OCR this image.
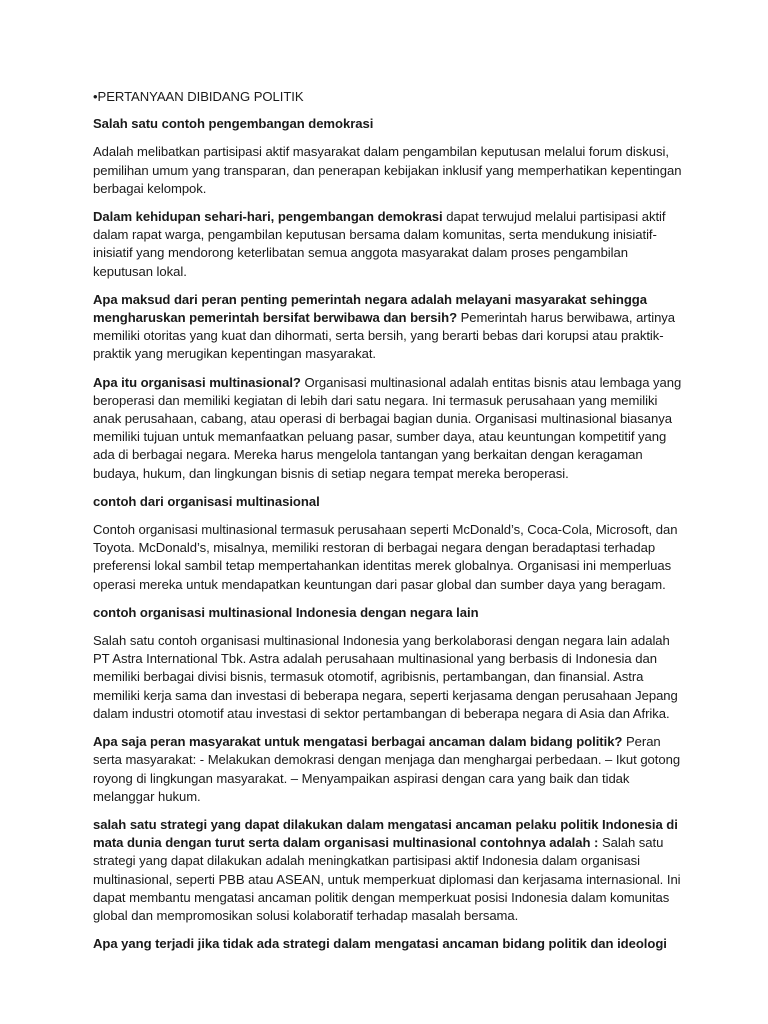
•PERTANYAAN DIBIDANG POLITIK

Salah satu contoh pengembangan demokrasi

Adalah melibatkan partisipasi aktif masyarakat dalam pengambilan keputusan melalui forum diskusi, pemilihan umum yang transparan, dan penerapan kebijakan inklusif yang memperhatikan kepentingan berbagai kelompok.

Dalam kehidupan sehari-hari, pengembangan demokrasi dapat terwujud melalui partisipasi aktif dalam rapat warga, pengambilan keputusan bersama dalam komunitas, serta mendukung inisiatif-inisiatif yang mendorong keterlibatan semua anggota masyarakat dalam proses pengambilan keputusan lokal.

Apa maksud dari peran penting pemerintah negara adalah melayani masyarakat sehingga mengharuskan pemerintah bersifat berwibawa dan bersih? Pemerintah harus berwibawa, artinya memiliki otoritas yang kuat dan dihormati, serta bersih, yang berarti bebas dari korupsi atau praktik-praktik yang merugikan kepentingan masyarakat.

Apa itu organisasi multinasional? Organisasi multinasional adalah entitas bisnis atau lembaga yang beroperasi dan memiliki kegiatan di lebih dari satu negara. Ini termasuk perusahaan yang memiliki anak perusahaan, cabang, atau operasi di berbagai bagian dunia. Organisasi multinasional biasanya memiliki tujuan untuk memanfaatkan peluang pasar, sumber daya, atau keuntungan kompetitif yang ada di berbagai negara. Mereka harus mengelola tantangan yang berkaitan dengan keragaman budaya, hukum, dan lingkungan bisnis di setiap negara tempat mereka beroperasi.

contoh dari organisasi multinasional

Contoh organisasi multinasional termasuk perusahaan seperti McDonald’s, Coca-Cola, Microsoft, dan Toyota. McDonald’s, misalnya, memiliki restoran di berbagai negara dengan beradaptasi terhadap preferensi lokal sambil tetap mempertahankan identitas merek globalnya. Organisasi ini memperluas operasi mereka untuk mendapatkan keuntungan dari pasar global dan sumber daya yang beragam.

contoh organisasi multinasional Indonesia dengan negara lain

Salah satu contoh organisasi multinasional Indonesia yang berkolaborasi dengan negara lain adalah PT Astra International Tbk. Astra adalah perusahaan multinasional yang berbasis di Indonesia dan memiliki berbagai divisi bisnis, termasuk otomotif, agribisnis, pertambangan, dan finansial. Astra memiliki kerja sama dan investasi di beberapa negara, seperti kerjasama dengan perusahaan Jepang dalam industri otomotif atau investasi di sektor pertambangan di beberapa negara di Asia dan Afrika.

Apa saja peran masyarakat untuk mengatasi berbagai ancaman dalam bidang politik? Peran serta masyarakat: - Melakukan demokrasi dengan menjaga dan menghargai perbedaan. – Ikut gotong royong di lingkungan masyarakat. – Menyampaikan aspirasi dengan cara yang baik dan tidak melanggar hukum.

salah satu strategi yang dapat dilakukan dalam mengatasi ancaman pelaku politik Indonesia di mata dunia dengan turut serta dalam organisasi multinasional contohnya adalah : Salah satu strategi yang dapat dilakukan adalah meningkatkan partisipasi aktif Indonesia dalam organisasi multinasional, seperti PBB atau ASEAN, untuk memperkuat diplomasi dan kerjasama internasional. Ini dapat membantu mengatasi ancaman politik dengan memperkuat posisi Indonesia dalam komunitas global dan mempromosikan solusi kolaboratif terhadap masalah bersama.

Apa yang terjadi jika tidak ada strategi dalam mengatasi ancaman bidang politik dan ideologi
